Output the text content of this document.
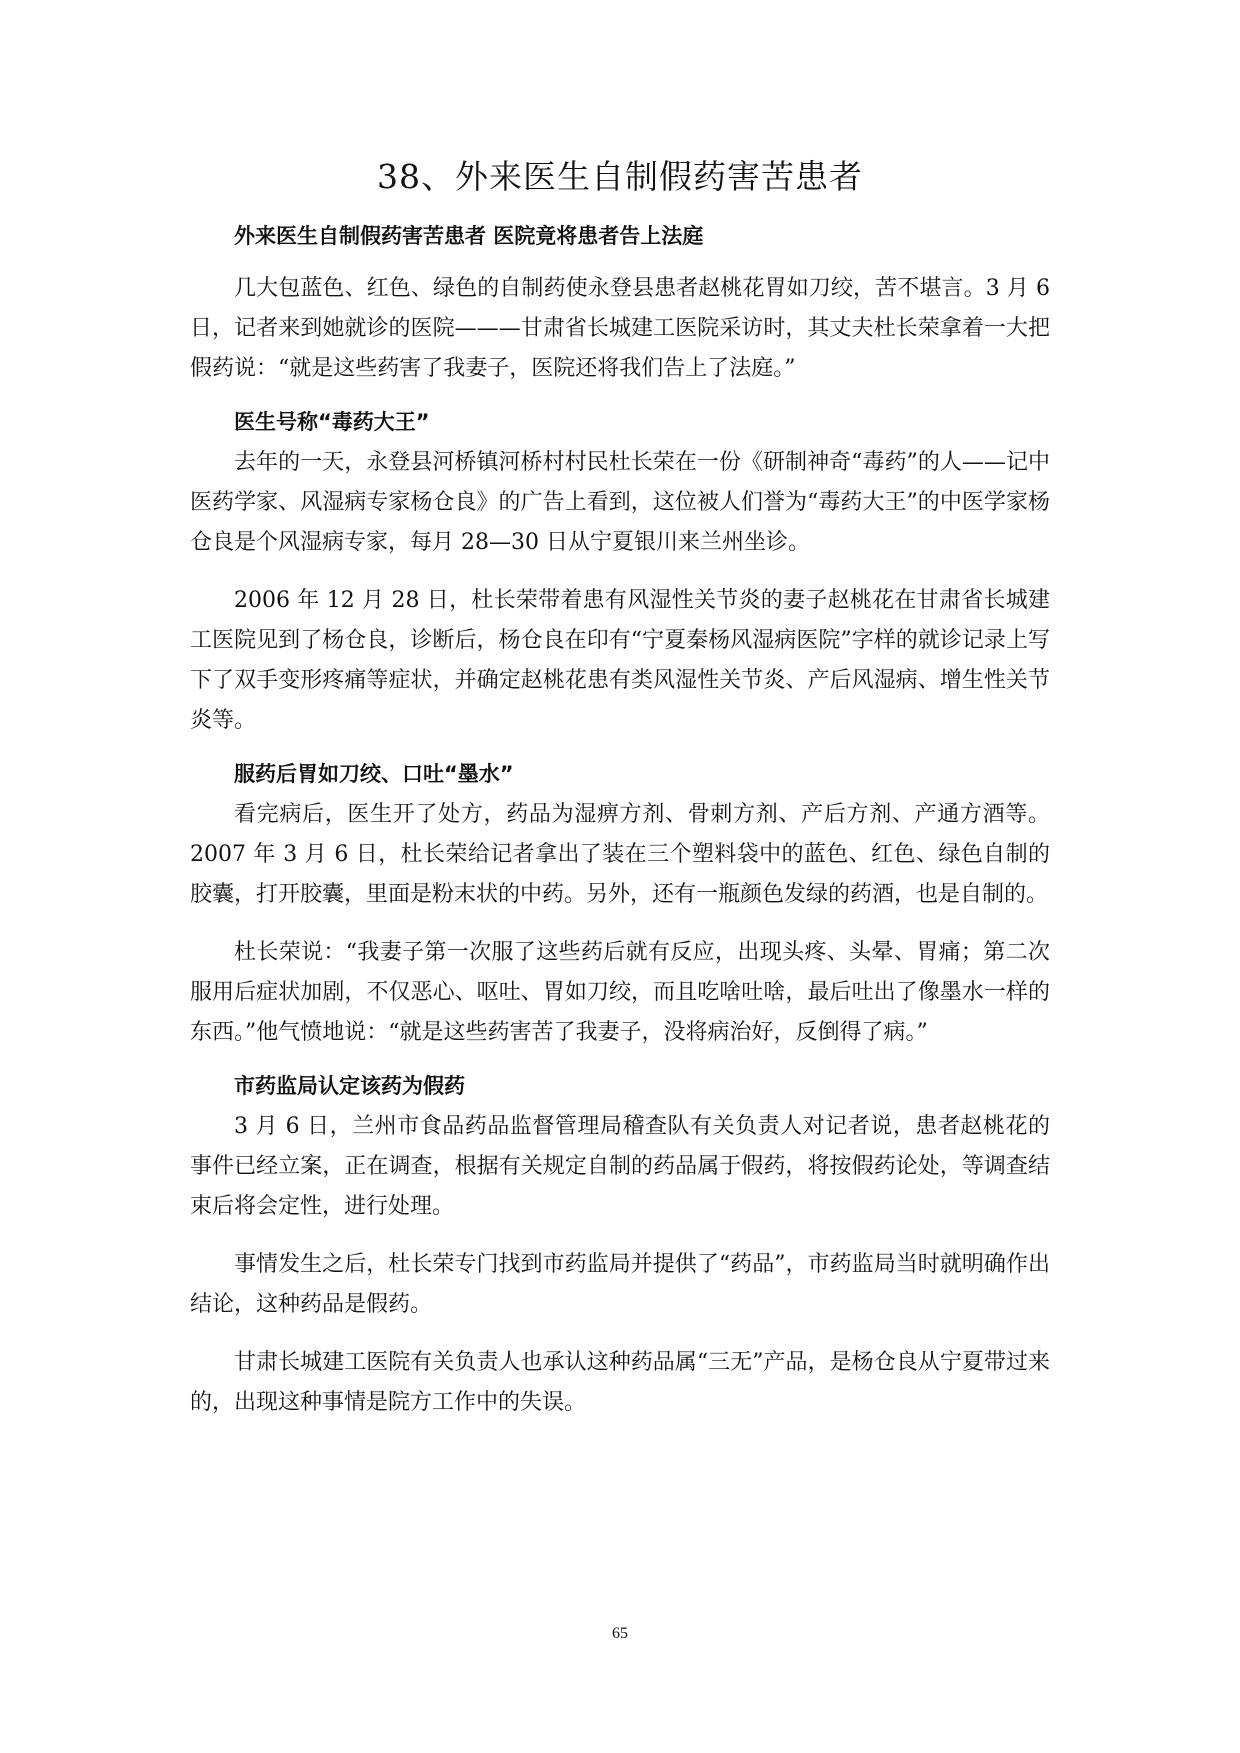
38、外来医生自制假药害苦患者
外来医生自制假药害苦患者 医院竟将患者告上法庭

几大包蓝色、红色、绿色的自制药使永登县患者赵桃花胃如刀绞，苦不堪言。3 月 6 日，记者来到她就诊的医院———甘肃省长城建工医院采访时，其丈夫杜长荣拿着一大把假药说：“就是这些药害了我妻子，医院还将我们告上了法庭。”

医生号称“毒药大王”

去年的一天，永登县河桥镇河桥村村民杜长荣在一份《研制神奇“毒药”的人——记中医药学家、风湿病专家杨仓良》的广告上看到，这位被人们誉为“毒药大王”的中医学家杨仓良是个风湿病专家，每月 28—30 日从宁夏银川来兰州坐诊。

2006 年 12 月 28 日，杜长荣带着患有风湿性关节炎的妻子赵桃花在甘肃省长城建工医院见到了杨仓良，诊断后，杨仓良在印有“宁夏秦杨风湿病医院”字样的就诊记录上写下了双手变形疼痛等症状，并确定赵桃花患有类风湿性关节炎、产后风湿病、增生性关节炎等。

服药后胃如刀绞、口吐“墨水”

看完病后，医生开了处方，药品为湿痹方剂、骨刺方剂、产后方剂、产通方酒等。2007 年 3 月 6 日，杜长荣给记者拿出了装在三个塑料袋中的蓝色、红色、绿色自制的胶囊，打开胶囊，里面是粉末状的中药。另外，还有一瓶颜色发绿的药酒，也是自制的。

杜长荣说：“我妻子第一次服了这些药后就有反应，出现头疼、头晕、胃痛；第二次服用后症状加剧，不仅恶心、呕吐、胃如刀绞，而且吃啥吐啥，最后吐出了像墨水一样的东西。”他气愤地说：“就是这些药害苦了我妻子，没将病治好，反倒得了病。”

市药监局认定该药为假药

3 月 6 日，兰州市食品药品监督管理局稽查队有关负责人对记者说，患者赵桃花的事件已经立案，正在调查，根据有关规定自制的药品属于假药，将按假药论处，等调查结束后将会定性，进行处理。

事情发生之后，杜长荣专门找到市药监局并提供了“药品”，市药监局当时就明确作出结论，这种药品是假药。

甘肃长城建工医院有关负责人也承认这种药品属“三无”产品，是杨仓良从宁夏带过来的，出现这种事情是院方工作中的失误。

65
